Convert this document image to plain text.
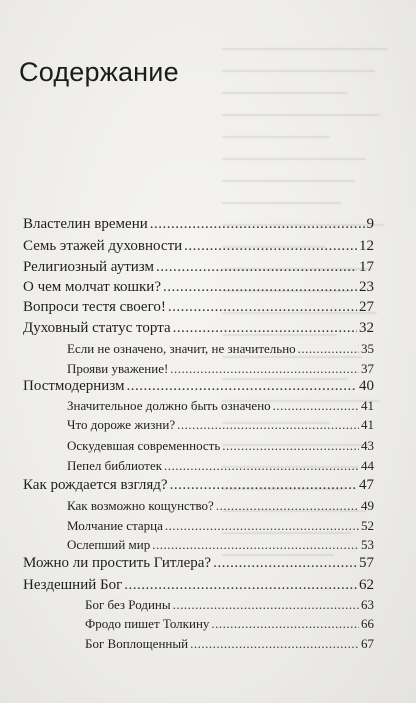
Содержание
Властелин времени .....	9
Семь этажей духовности .....	12
Религиозный аутизм .....	17
О чем молчат кошки? .....	23
Вопроси тестя своего! .....	27
Духовный статус торта .....	32
Если не означено, значит, не значительно .....	35
Прояви уважение! .....	37
Постмодернизм .....	40
Значительное должно быть означено .....	41
Что дороже жизни? .....	41
Оскудевшая современность .....	43
Пепел библиотек .....	44
Как рождается взгляд? .....	47
Как возможно кощунство? .....	49
Молчание старца .....	52
Ослепший мир .....	53
Можно ли простить Гитлера? .....	57
Нездешний Бог .....	62
Бог без Родины .....	63
Фродо пишет Толкину .....	66
Бог Воплощенный .....	67
